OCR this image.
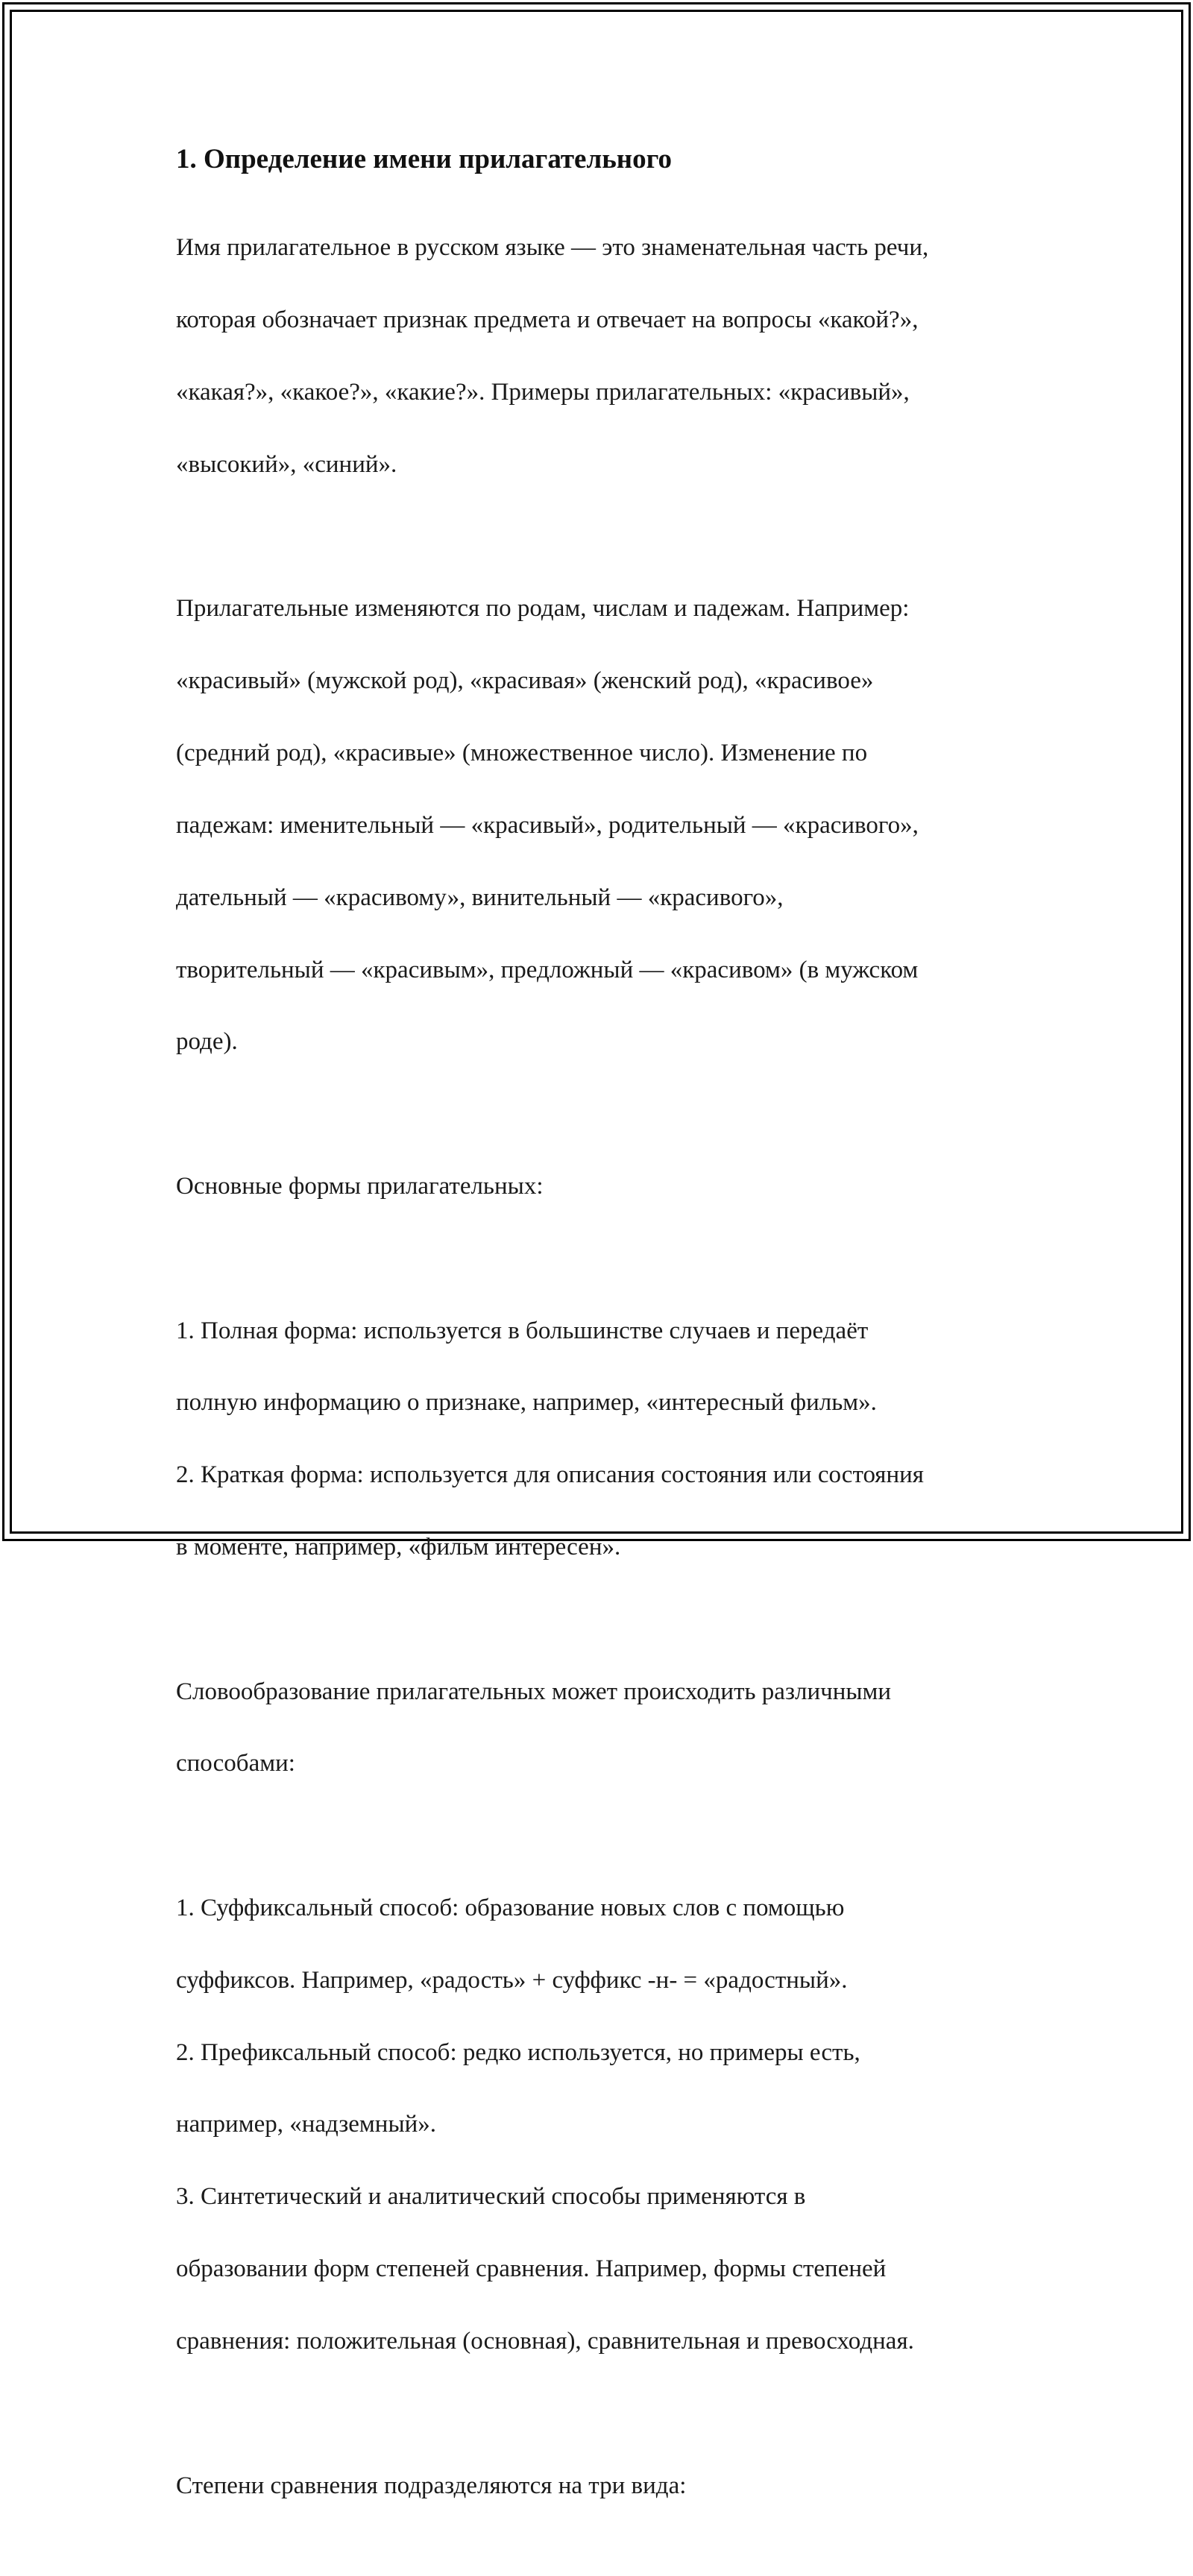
1. Определение имени прилагательного

Имя прилагательное в русском языке — это знаменательная часть речи,

которая обозначает признак предмета и отвечает на вопросы «какой?»,

«какая?», «какое?», «какие?». Примеры прилагательных: «красивый»,

«высокий», «синий».

Прилагательные изменяются по родам, числам и падежам. Например:

«красивый» (мужской род), «красивая» (женский род), «красивое»

(средний род), «красивые» (множественное число). Изменение по

падежам: именительный — «красивый», родительный — «красивого»,

дательный — «красивому», винительный — «красивого»,

творительный — «красивым», предложный — «красивом» (в мужском

роде).

Основные формы прилагательных:

1. Полная форма: используется в большинстве случаев и передаёт

полную информацию о признаке, например, «интересный фильм».

2. Краткая форма: используется для описания состояния или состояния

в моменте, например, «фильм интересен».

Словообразование прилагательных может происходить различными

способами:

1. Суффиксальный способ: образование новых слов с помощью

суффиксов. Например, «радость» + суффикс -н- = «радостный».

2. Префиксальный способ: редко используется, но примеры есть,

например, «надземный».

3. Синтетический и аналитический способы применяются в

образовании форм степеней сравнения. Например, формы степеней

сравнения: положительная (основная), сравнительная и превосходная.

Степени сравнения подразделяются на три вида:
